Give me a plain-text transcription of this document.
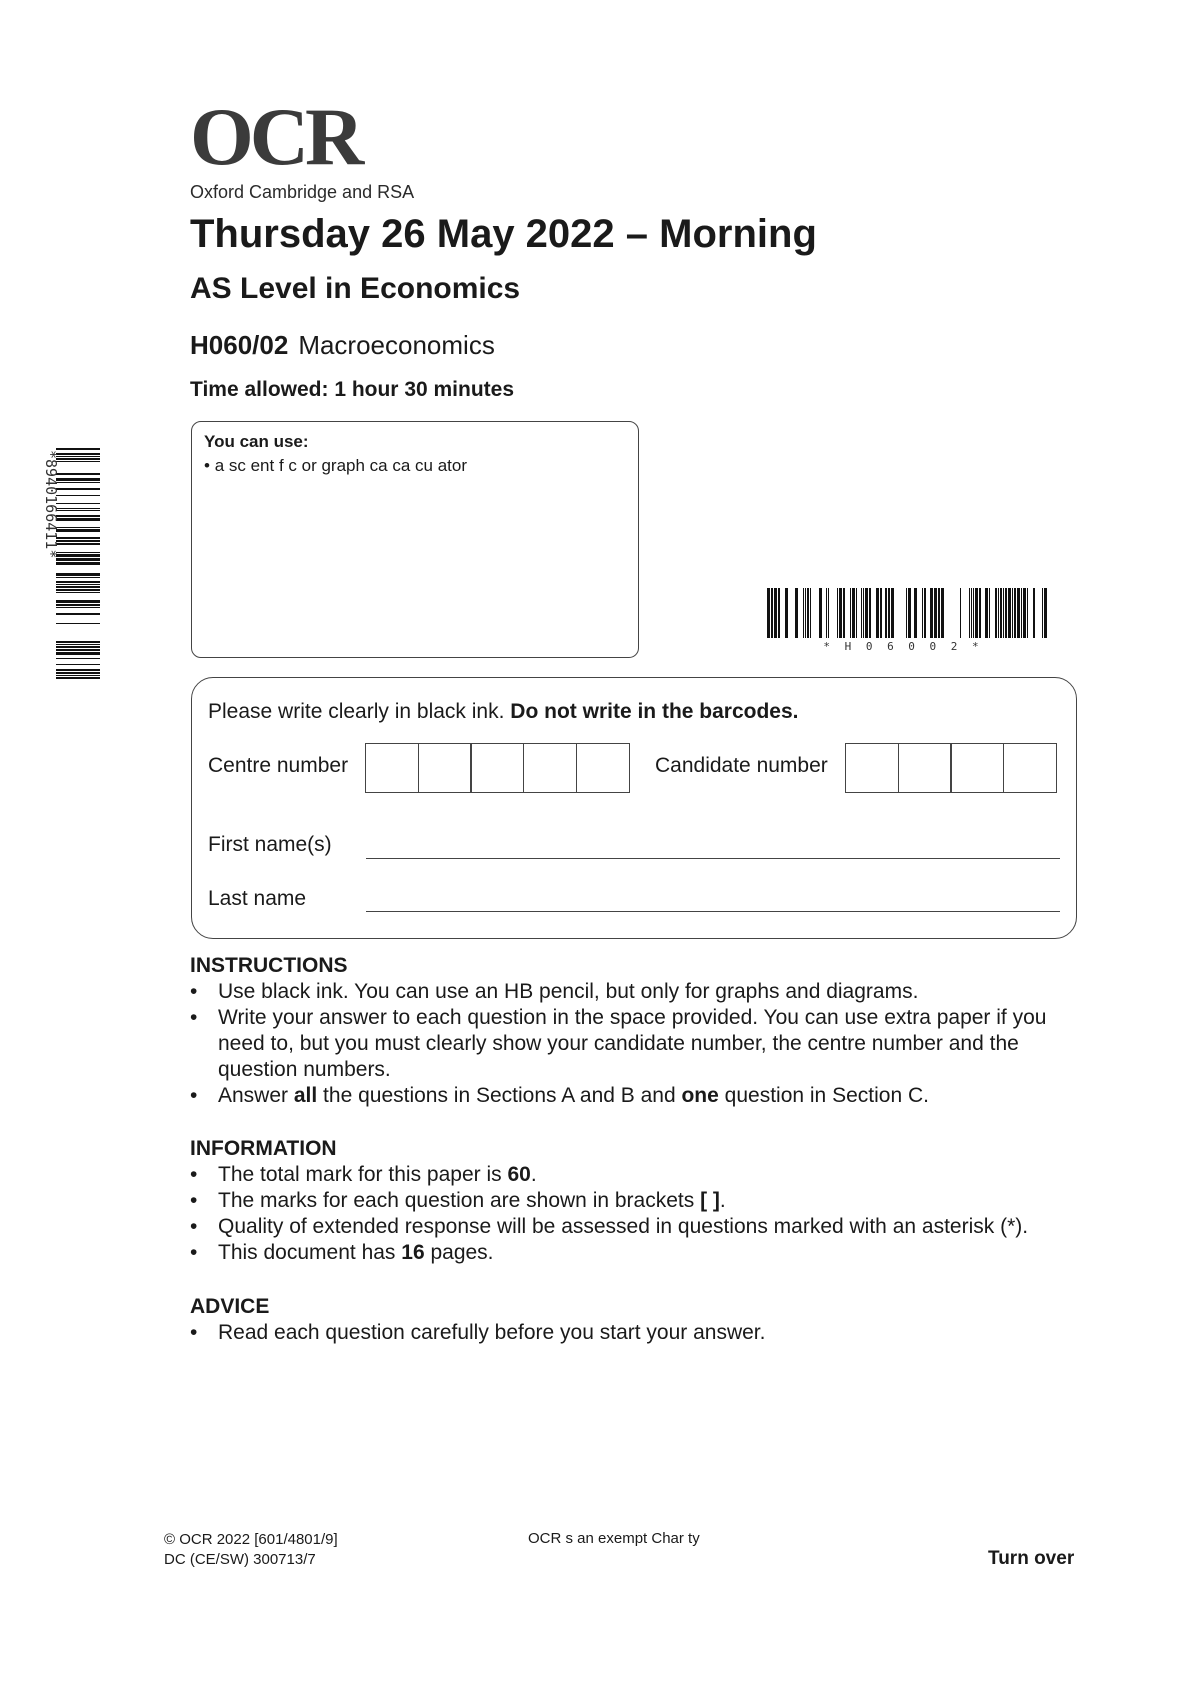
OCR
Oxford Cambridge and RSA
Thursday 26 May 2022 – Morning
AS Level in Economics
H060/02 Macroeconomics
Time allowed: 1 hour 30 minutes
*8940166411*
You can use:
• a sc ent f c or graph ca ca cu ator
* H 0 6 0 0 2 *
Please write clearly in black ink. Do not write in the barcodes.
Centre number	Candidate number
First name(s)
Last name
INSTRUCTIONS
• Use black ink. You can use an HB pencil, but only for graphs and diagrams.
• Write your answer to each question in the space provided. You can use extra paper if you need to, but you must clearly show your candidate number, the centre number and the question numbers.
• Answer all the questions in Sections A and B and one question in Section C.
INFORMATION
• The total mark for this paper is 60.
• The marks for each question are shown in brackets [ ].
• Quality of extended response will be assessed in questions marked with an asterisk (*).
• This document has 16 pages.
ADVICE
• Read each question carefully before you start your answer.
© OCR 2022 [601/4801/9]
DC (CE/SW) 300713/7
OCR s an exempt Char ty
Turn over
